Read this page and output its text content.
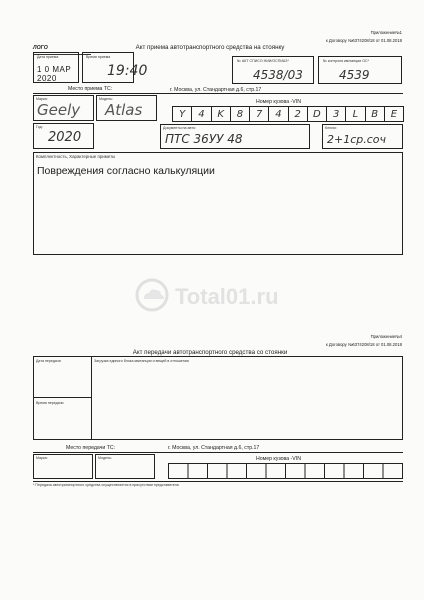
ЛОГО
Приложение№1
к Договору №6374208/18 от 01.08.2018
Акт приема автотранспортного средства на стоянку
Дата приема
1 0 МАР 2020
Время приема
19:40
№ АКТ СПИСО НИИ/ОСПИАЗ*
4538/03
№ контроля квитанции ОС*
4539
Место приема ТС:	г. Москва, ул. Стандартная д.6, стр.17
Марка:
Geely
Модель:
Atlas	Номер кузова -VIN
Y	4	K	8	7	4	2	D	3	L	B	E
Год:
2020
Документы на авто:
ПТС 36УУ 48
Ключи:
2+1ср.соч
Комплектность, Характерные приметы
Повреждения согласно калькуляции
Total01.ru
Приложение№4
к Договору №6374208/18 от 01.08.2018
Акт передачи автотранспортного средства со стоянки
Дата передачи
Время передачи
Загрузка единого блока квитанции и вещей в отношении
Место передачи ТС:	г. Москва, ул. Стандартная д.6, стр.17
Марка:	Модель:	Номер кузова -VIN
* Передача автотранспортного средства осуществляется в присутствии представителя
